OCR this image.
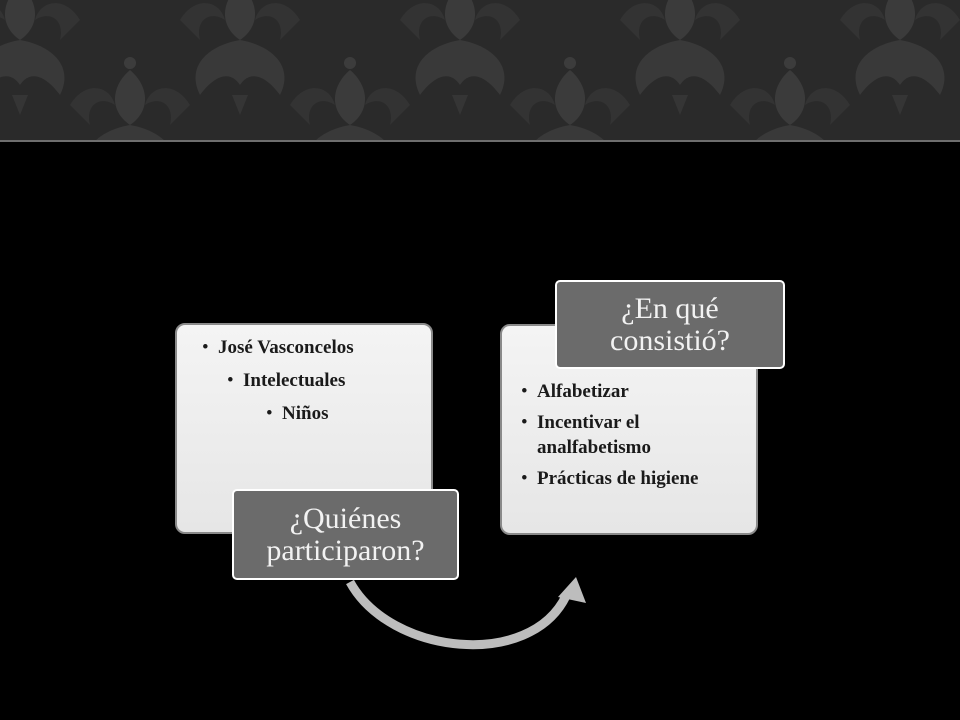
• José Vasconcelos
• Intelectuales
• Niños
¿Quiénes
participaron?
• Alfabetizar
• Incentivar el analfabetismo
• Prácticas de higiene
¿En qué
consistió?
